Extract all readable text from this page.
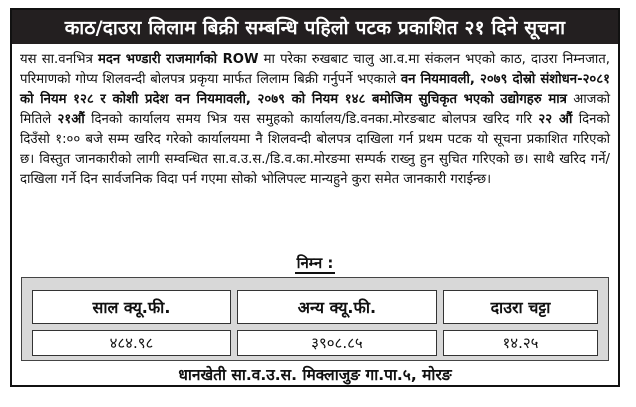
काठ/दाउरा लिलाम बिक्री सम्बन्धि पहिलो पटक प्रकाशित २१ दिने सूचना
यस सा.वनभित्र मदन भण्डारी राजमार्गको ROW मा परेका रुखबाट चालु आ.व.मा संकलन भएको काठ, दाउरा निम्नजात, परिमाणको गोप्य शिलवन्दी बोलपत्र प्रकृया मार्फत लिलाम बिक्री गर्नुपर्ने भएकाले वन नियमावली, २०७९ दोस्रो संशोधन-२०८१ को नियम १२८ र कोशी प्रदेश वन नियमावली, २०७९ को नियम १४८ बमोजिम सुचिकृत भएको उद्योगहरु मात्र आजको मितिले २१औं दिनको कार्यालय समय भित्र यस समुहको कार्यालय/डि.वनका.मोरङबाट बोलपत्र खरिद गरि २२ औं दिनको दिउँसो १:०० बजे सम्म खरिद गरेको कार्यालयमा नै शिलवन्दी बोलपत्र दाखिला गर्न प्रथम पटक यो सूचना प्रकाशित गरिएको छ। विस्तुत जानकारीको लागी सम्वन्धित सा.व.उ.स./डि.व.का.मोरङमा सम्पर्क राख्नु हुन सुचित गरिएको छ। साथै खरिद गर्ने/दाखिला गर्ने दिन सार्वजनिक विदा पर्न गएमा सोको भोलिपल्ट मान्यहुने कुरा समेत जानकारी गराईन्छ।
निम्न :
साल क्यू.फी.	अन्य क्यू.फी.	दाउरा चट्टा
४८४.९८	३९०८.८५	१४.२५
धानखेती सा.व.उ.स. मिक्लाजुङ गा.पा.५, मोरङ
